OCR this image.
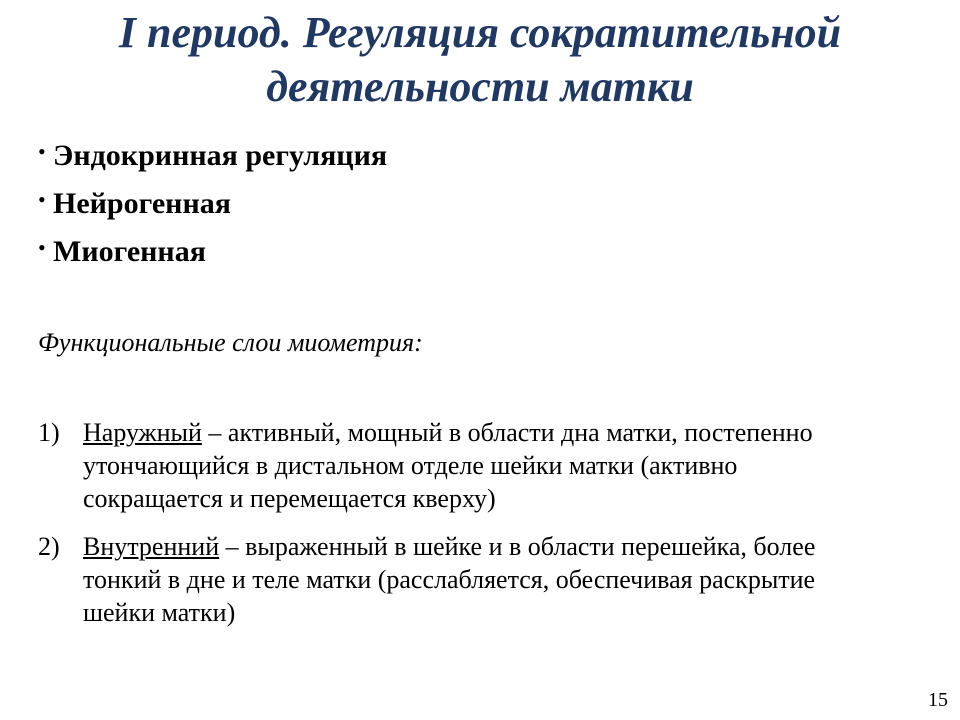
I период. Регуляция сократительной
деятельности матки
• Эндокринная регуляция
• Нейрогенная
• Миогенная
Функциональные слои миометрия:
1) Наружный – активный, мощный в области дна матки, постепенно утончающийся в дистальном отделе шейки матки (активно сокращается и перемещается кверху)
2) Внутренний – выраженный в шейке и в области перешейка, более тонкий в дне и теле матки (расслабляется, обеспечивая раскрытие шейки матки)
15
